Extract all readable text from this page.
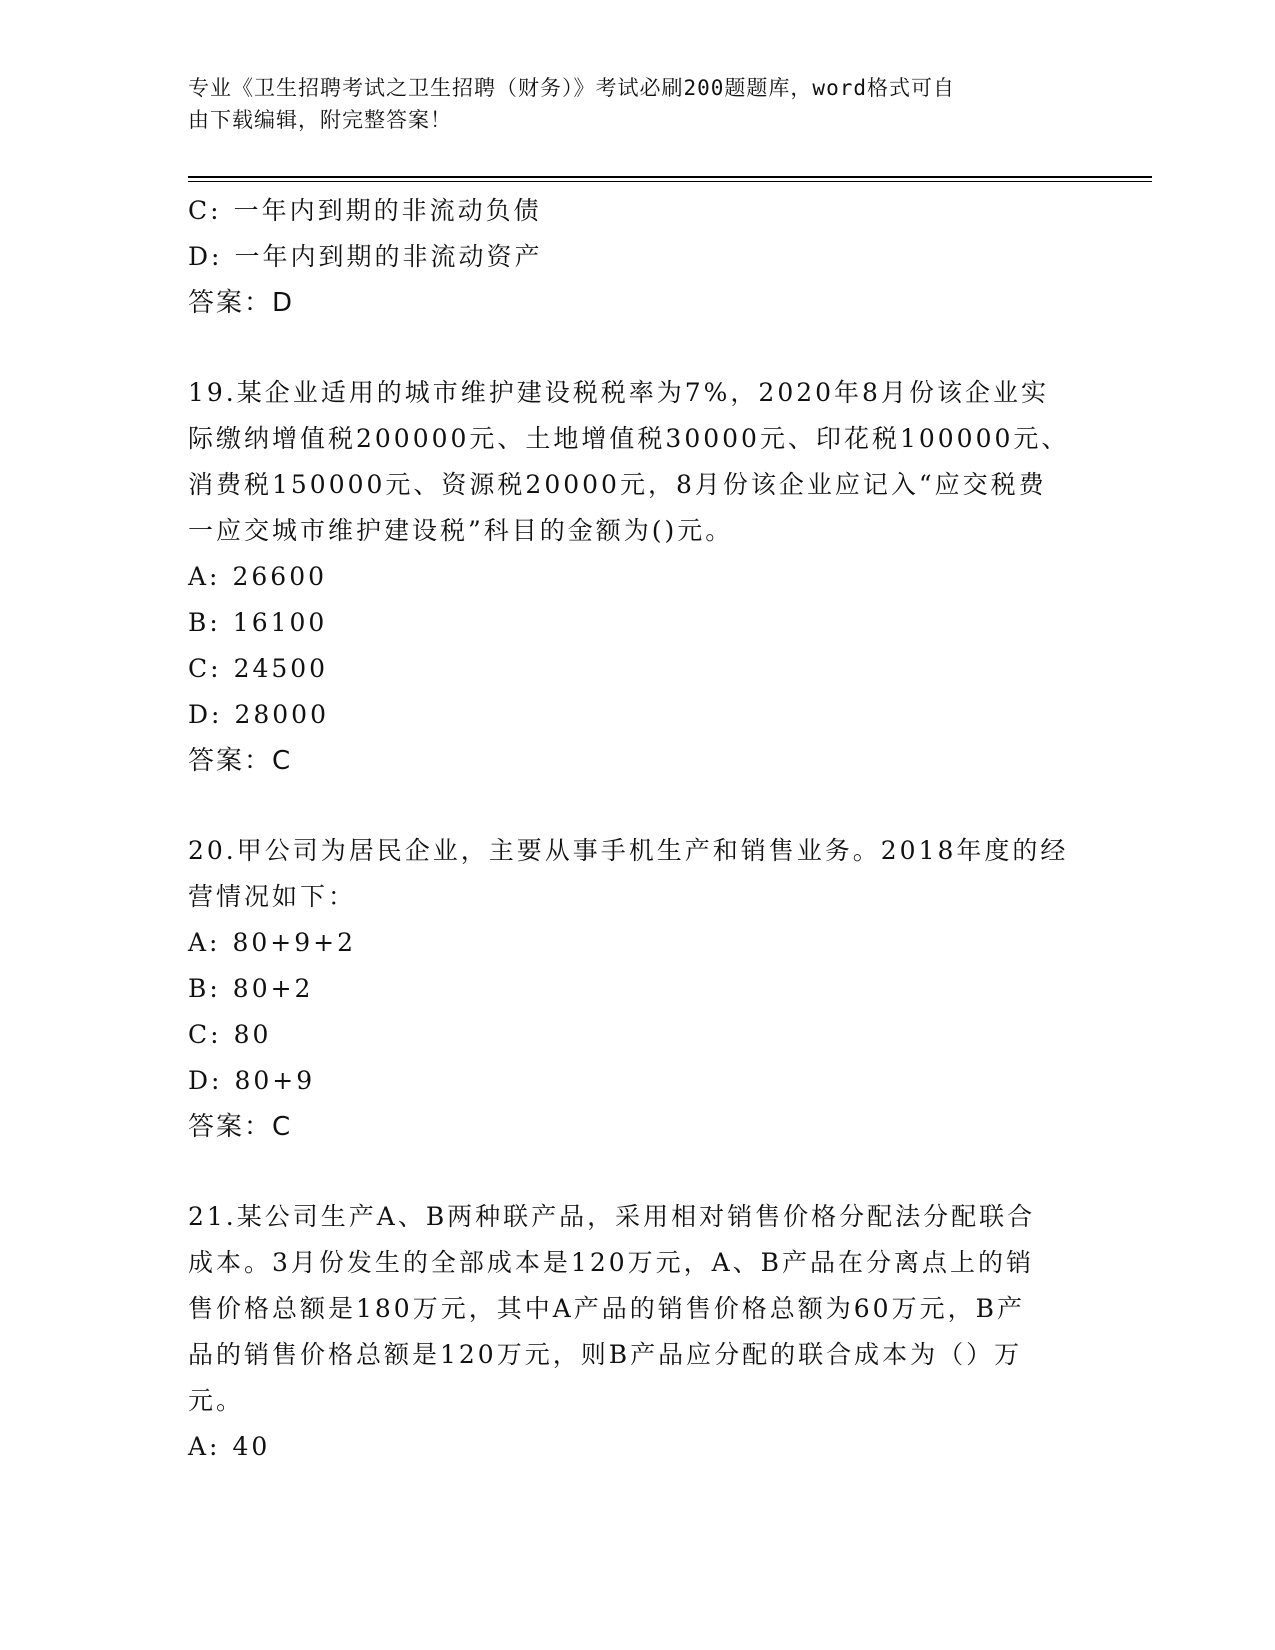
专业《卫生招聘考试之卫生招聘（财务）》考试必刷200题题库，word格式可自
由下载编辑，附完整答案！
C: 一年内到期的非流动负债
D: 一年内到期的非流动资产
答案：D
19.某企业适用的城市维护建设税税率为7%，2020年8月份该企业实
际缴纳增值税200000元、土地增值税30000元、印花税100000元、
消费税150000元、资源税20000元，8月份该企业应记入“应交税费
一应交城市维护建设税”科目的金额为()元。
A: 26600
B: 16100
C: 24500
D: 28000
答案：C
20.甲公司为居民企业，主要从事手机生产和销售业务。2018年度的经
营情况如下：
A: 80+9+2
B: 80+2
C: 80
D: 80+9
答案：C
21.某公司生产A、B两种联产品，采用相对销售价格分配法分配联合
成本。3月份发生的全部成本是120万元，A、B产品在分离点上的销
售价格总额是180万元，其中A产品的销售价格总额为60万元，B产
品的销售价格总额是120万元，则B产品应分配的联合成本为（）万
元。
A: 40
